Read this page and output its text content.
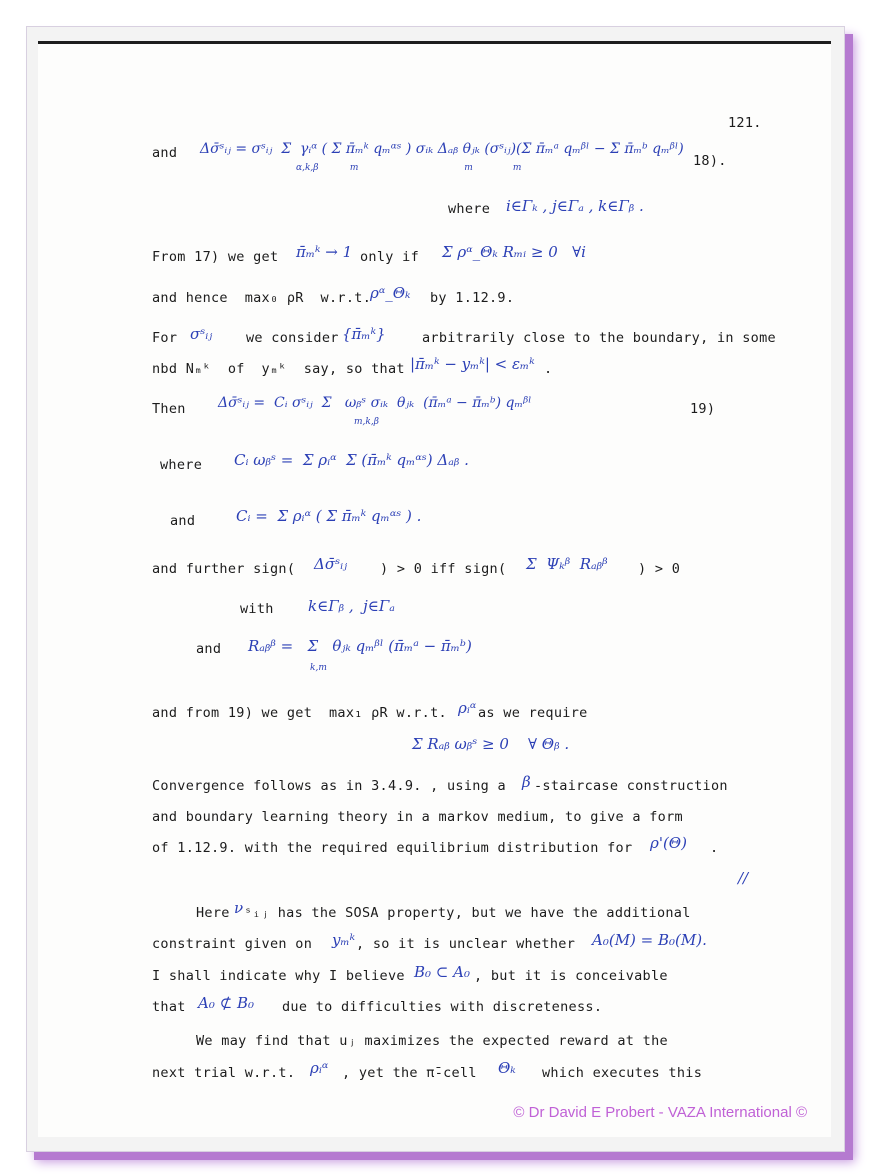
121.
and Δσ̄ˢᵢⱼ = σˢᵢⱼ  Σ  γᵢᵅ ( Σ π̄ₘᵏ qₘᵅˢ ) σᵢₖ Δₐᵦ θⱼₖ (σˢᵢⱼ)(Σ π̄ₘᵃ qₘᵝˡ − Σ π̄ₘᵇ qₘᵝˡ)
α,k,β           m                                     m              m	18).
where i∈Γₖ , j∈Γₐ , k∈Γᵦ .
From 17) we get π̄ₘᵏ → 1 only if Σ ρᵅ_Θₖ Rₘᵢ ≥ 0   ∀i
and hence  max₀ ρR  w.r.t.
ρᵅ_Θₖ by 1.12.9.
For σˢᵢⱼ we consider {π̄ₘᵏ}	arbitrarily close to the boundary, in some
nbd Nₘᵏ  of  yₘᵏ  say, so that |π̄ₘᵏ − yₘᵏ| < εₘᵏ .
Then Δσ̄ˢᵢⱼ =  Cᵢ σˢᵢⱼ  Σ   ωᵦˢ σᵢₖ  θⱼₖ  (π̄ₘᵃ − π̄ₘᵇ) qₘᵝˡ
m,k,β
19)
where Cᵢ ωᵦˢ =  Σ ρᵢᵅ  Σ (π̄ₘᵏ qₘᵅˢ) Δₐᵦ .
and	Cᵢ =  Σ ρᵢᵅ ( Σ π̄ₘᵏ qₘᵅˢ ) .
and further sign( Δσ̄ˢᵢⱼ ) > 0 iff sign( Σ  Ψₖᵝ  Rₐᵦᵝ ) > 0
with k∈Γᵦ ,  j∈Γₐ
and Rₐᵦᵝ =   Σ   θⱼₖ qₘᵝˡ (π̄ₘᵃ − π̄ₘᵇ)
k,m
and from 19) we get  max₁ ρR w.r.t. ρᵢᵅ as we require
Σ Rₐᵦ ωᵦˢ ≥ 0    ∀ Θᵦ .
Convergence follows as in 3.4.9. , using a β -staircase construction
and boundary learning theory in a markov medium, to give a form
of 1.12.9. with the required equilibrium distribution for ρ'(Θ) .
//
Here ν ˢᵢⱼ has the SOSA property, but we have the additional
constraint given on yₘᵏ , so it is unclear whether A₀(M) = B₀(M).
I shall indicate why I believe B₀ ⊂ A₀ , but it is conceivable
that A₀ ⊄ B₀ due to difficulties with discreteness.
We may find that uⱼ maximizes the expected reward at the
next trial w.r.t. ρᵢᵅ , yet the π̄-cell Θₖ which executes this
© Dr David E Probert - VAZA International ©
